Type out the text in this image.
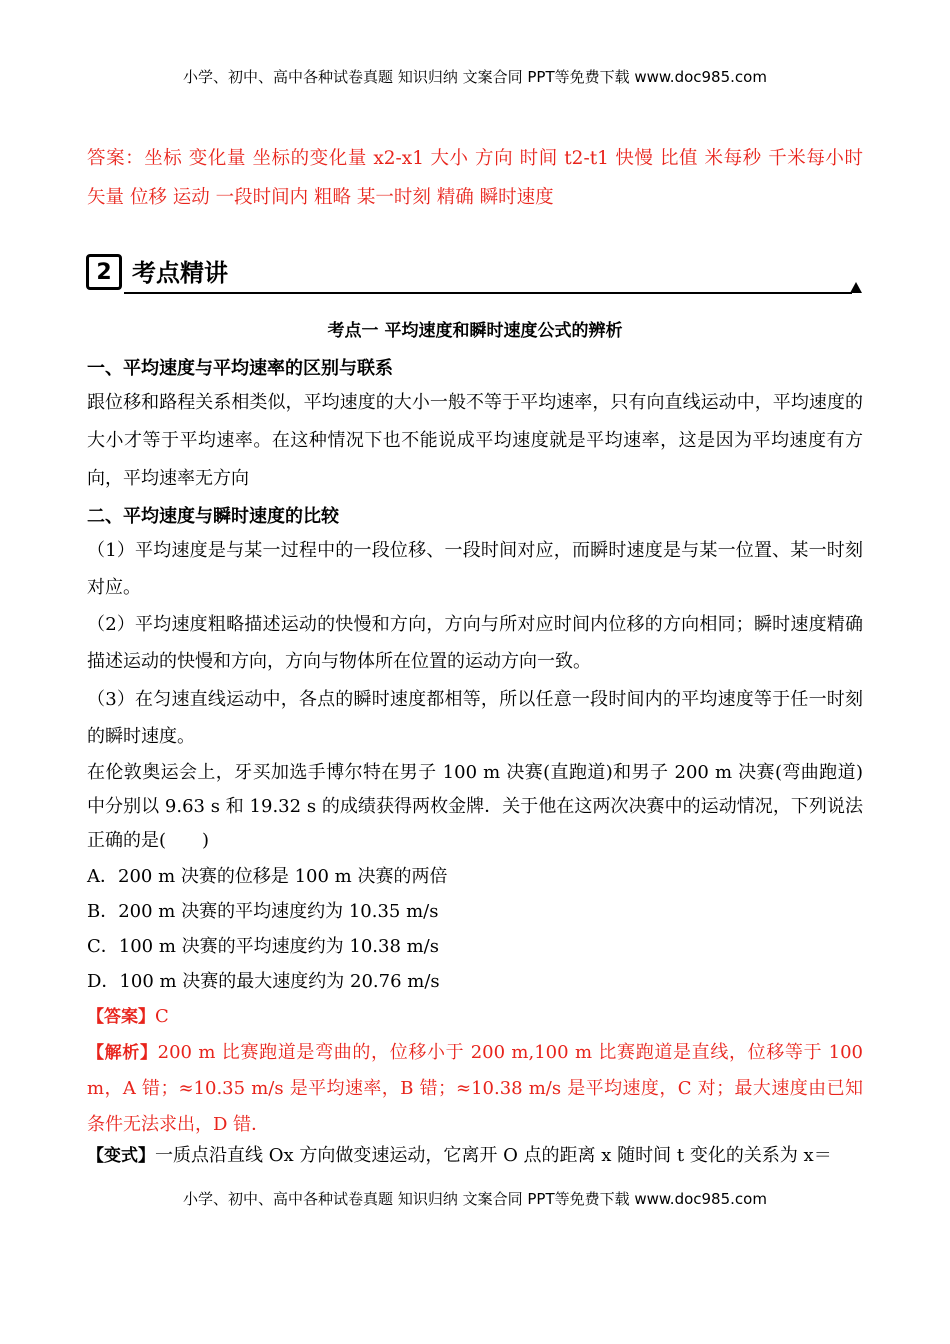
小学、初中、高中各种试卷真题 知识归纳 文案合同 PPT等免费下载 www.doc985.com
答案：坐标 变化量 坐标的变化量 x2-x1 大小 方向 时间 t2-t1 快慢 比值 米每秒 千米每小时 矢量 位移 运动 一段时间内 粗略 某一时刻 精确 瞬时速度
2 考点精讲
考点一 平均速度和瞬时速度公式的辨析
一、平均速度与平均速率的区别与联系
跟位移和路程关系相类似，平均速度的大小一般不等于平均速率，只有向直线运动中，平均速度的大小才等于平均速率。在这种情况下也不能说成平均速度就是平均速率，这是因为平均速度有方向，平均速率无方向
二、平均速度与瞬时速度的比较
（1）平均速度是与某一过程中的一段位移、一段时间对应，而瞬时速度是与某一位置、某一时刻对应。
（2）平均速度粗略描述运动的快慢和方向，方向与所对应时间内位移的方向相同；瞬时速度精确描述运动的快慢和方向，方向与物体所在位置的运动方向一致。
（3）在匀速直线运动中，各点的瞬时速度都相等，所以任意一段时间内的平均速度等于任一时刻的瞬时速度。
在伦敦奥运会上，牙买加选手博尔特在男子 100 m 决赛(直跑道)和男子 200 m 决赛(弯曲跑道)中分别以 9.63 s 和 19.32 s 的成绩获得两枚金牌．关于他在这两次决赛中的运动情况，下列说法正确的是(　　)
A．200 m 决赛的位移是 100 m 决赛的两倍
B．200 m 决赛的平均速度约为 10.35 m/s
C．100 m 决赛的平均速度约为 10.38 m/s
D．100 m 决赛的最大速度约为 20.76 m/s
【答案】C
【解析】200 m 比赛跑道是弯曲的，位移小于 200 m,100 m 比赛跑道是直线，位移等于 100 m，A 错；≈10.35 m/s 是平均速率，B 错；≈10.38 m/s 是平均速度，C 对；最大速度由已知条件无法求出，D 错．
【变式】一质点沿直线 Ox 方向做变速运动，它离开 O 点的距离 x 随时间 t 变化的关系为 x＝
小学、初中、高中各种试卷真题 知识归纳 文案合同 PPT等免费下载 www.doc985.com
